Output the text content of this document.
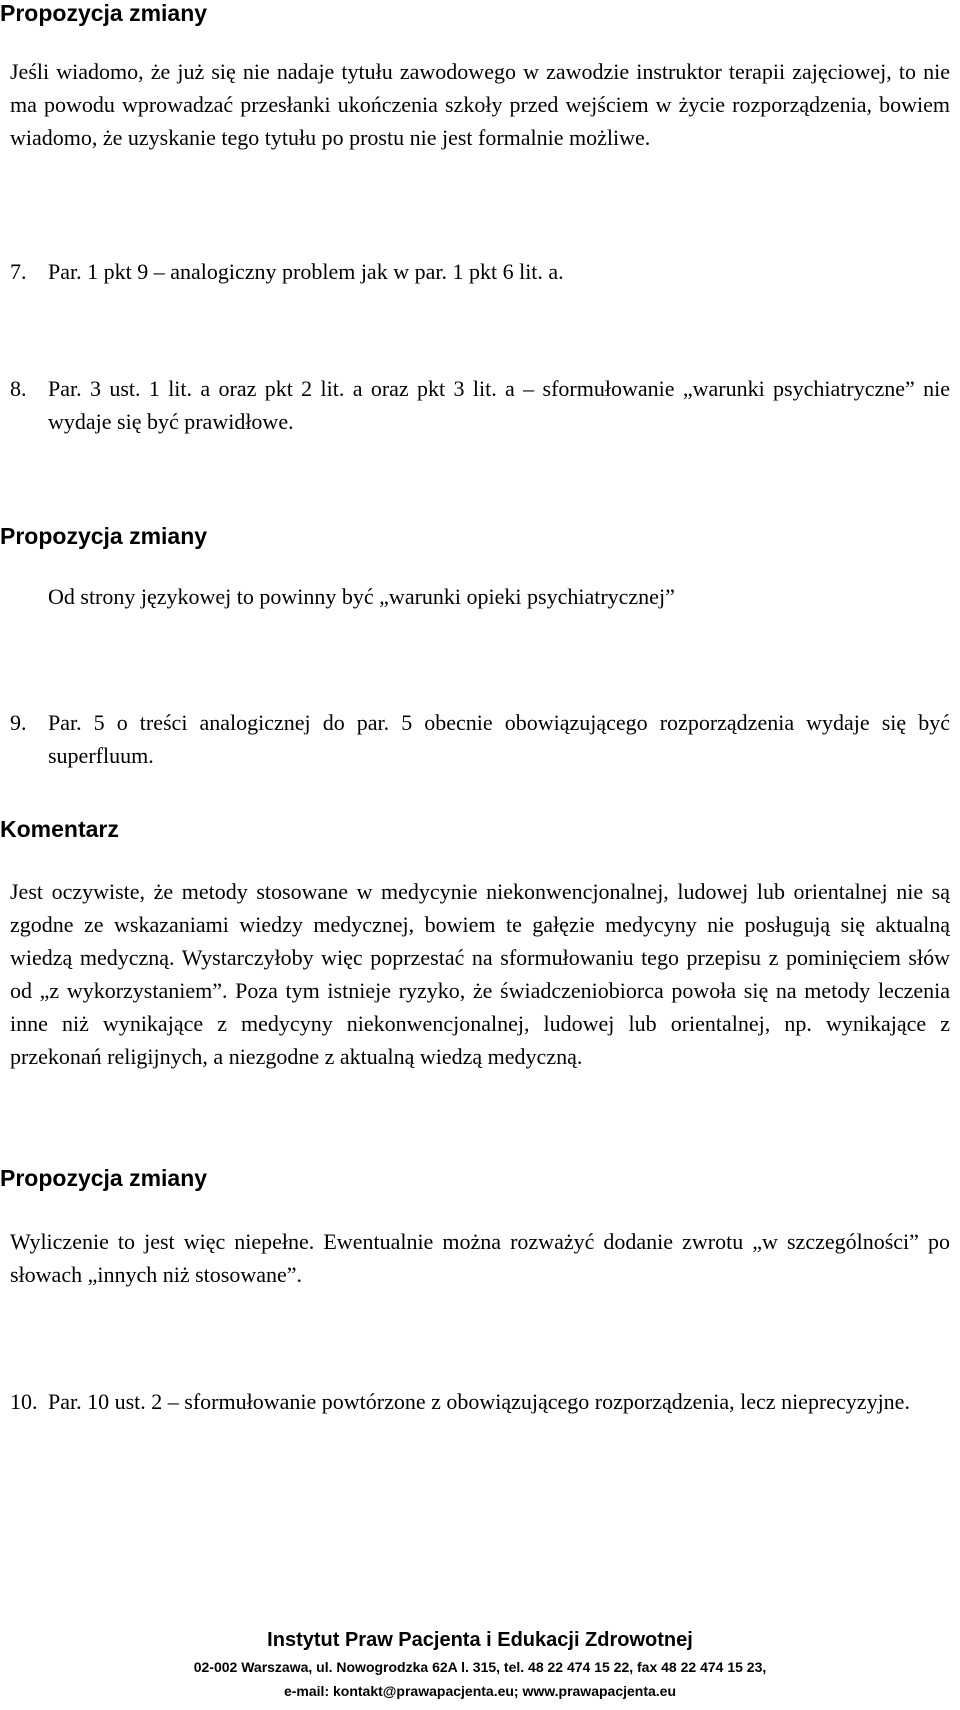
Propozycja zmiany

Jeśli wiadomo, że już się nie nadaje tytułu zawodowego w zawodzie instruktor terapii zajęciowej, to nie ma powodu wprowadzać przesłanki ukończenia szkoły przed wejściem w życie rozporządzenia, bowiem wiadomo, że uzyskanie tego tytułu po prostu nie jest formalnie możliwe.

7. Par. 1 pkt 9 – analogiczny problem jak w par. 1 pkt 6 lit. a.
8. Par. 3 ust. 1 lit. a oraz pkt 2 lit. a oraz pkt 3 lit. a – sformułowanie „warunki psychiatryczne” nie wydaje się być prawidłowe.

Propozycja zmiany

Od strony językowej to powinny być „warunki opieki psychiatrycznej”

9. Par. 5 o treści analogicznej do par. 5 obecnie obowiązującego rozporządzenia wydaje się być superfluum.

Komentarz

Jest oczywiste, że metody stosowane w medycynie niekonwencjonalnej, ludowej lub orientalnej nie są zgodne ze wskazaniami wiedzy medycznej, bowiem te gałęzie medycyny nie posługują się aktualną wiedzą medyczną. Wystarczyłoby więc poprzestać na sformułowaniu tego przepisu z pominięciem słów od „z wykorzystaniem”. Poza tym istnieje ryzyko, że świadczeniobiorca powoła się na metody leczenia inne niż wynikające z medycyny niekonwencjonalnej, ludowej lub orientalnej, np. wynikające z przekonań religijnych, a niezgodne z aktualną wiedzą medyczną.

Propozycja zmiany

Wyliczenie to jest więc niepełne. Ewentualnie można rozważyć dodanie zwrotu „w szczególności” po słowach „innych niż stosowane”.

10. Par. 10 ust. 2 – sformułowanie powtórzone z obowiązującego rozporządzenia, lecz nieprecyzyjne.

Instytut Praw Pacjenta i Edukacji Zdrowotnej
02-002 Warszawa, ul. Nowogrodzka 62A l. 315, tel. 48 22 474 15 22, fax 48 22 474 15 23,
e-mail: kontakt@prawapacjenta.eu; www.prawapacjenta.eu
